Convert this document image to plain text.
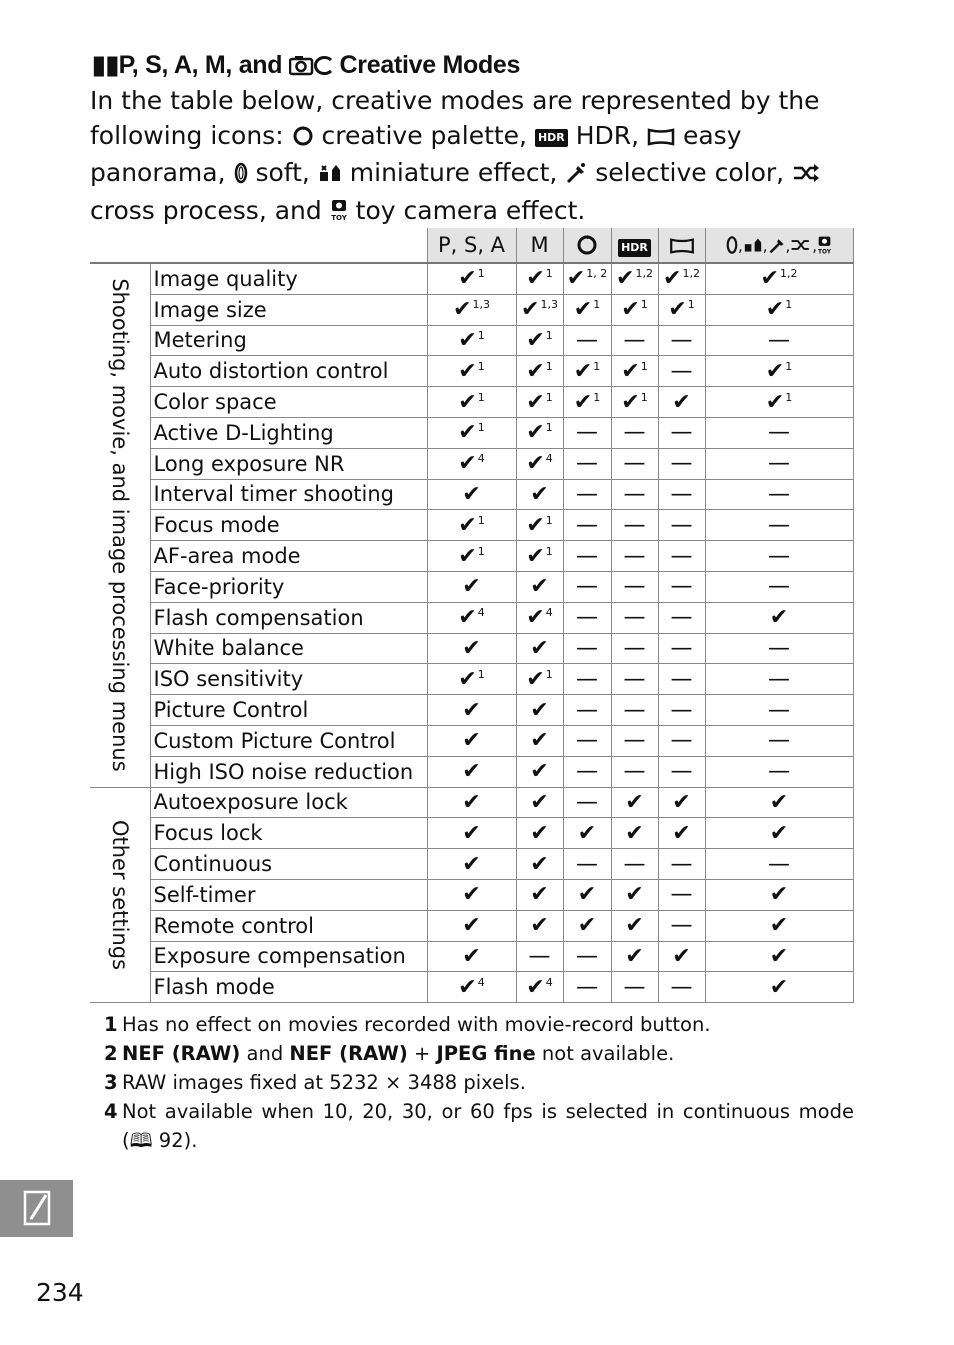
▮▮ P, S, A, M, and  Creative Modes
In the table below, creative modes are represented by the following icons:  creative palette, HDR HDR,  easy panorama,  soft,  miniature effect,  selective color,  cross process, and TOY toy camera effect.
		P, S, A	M		HDR		, , , , TOY

Shooting, movie, and image processing menus	Image quality	✔$^1$	✔$^1$	✔$^{1, 2}$	✔$^{1,2}$	✔$^{1,2}$	✔$^{1,2}$
	Image size	✔$^{1,3}$	✔$^{1,3}$	✔$^1$	✔$^1$	✔$^1$	✔$^1$
	Metering	✔$^1$	✔$^1$	—	—	—	—
	Auto distortion control	✔$^1$	✔$^1$	✔$^1$	✔$^1$	—	✔$^1$
	Color space	✔$^1$	✔$^1$	✔$^1$	✔$^1$	✔	✔$^1$
	Active D-Lighting	✔$^1$	✔$^1$	—	—	—	—
	Long exposure NR	✔$^4$	✔$^4$	—	—	—	—
	Interval timer shooting	✔	✔	—	—	—	—
	Focus mode	✔$^1$	✔$^1$	—	—	—	—
	AF-area mode	✔$^1$	✔$^1$	—	—	—	—
	Face-priority	✔	✔	—	—	—	—
	Flash compensation	✔$^4$	✔$^4$	—	—	—	✔
	White balance	✔	✔	—	—	—	—
	ISO sensitivity	✔$^1$	✔$^1$	—	—	—	—
	Picture Control	✔	✔	—	—	—	—
	Custom Picture Control	✔	✔	—	—	—	—
	High ISO noise reduction	✔	✔	—	—	—	—

Other settings	Autoexposure lock	✔	✔	—	✔	✔	✔
	Focus lock	✔	✔	✔	✔	✔	✔
	Continuous	✔	✔	—	—	—	—
	Self-timer	✔	✔	✔	✔	—	✔
	Remote control	✔	✔	✔	✔	—	✔
	Exposure compensation	✔	—	—	✔	✔	✔
	Flash mode	✔$^4$	✔$^4$	—	—	—	✔
1 Has no effect on movies recorded with movie-record button.
2 NEF (RAW) and NEF (RAW) + JPEG fine not available.
3 RAW images fixed at 5232 × 3488 pixels.
4 Not available when 10, 20, 30, or 60 fps is selected in continuous mode (🕮 92).
234
